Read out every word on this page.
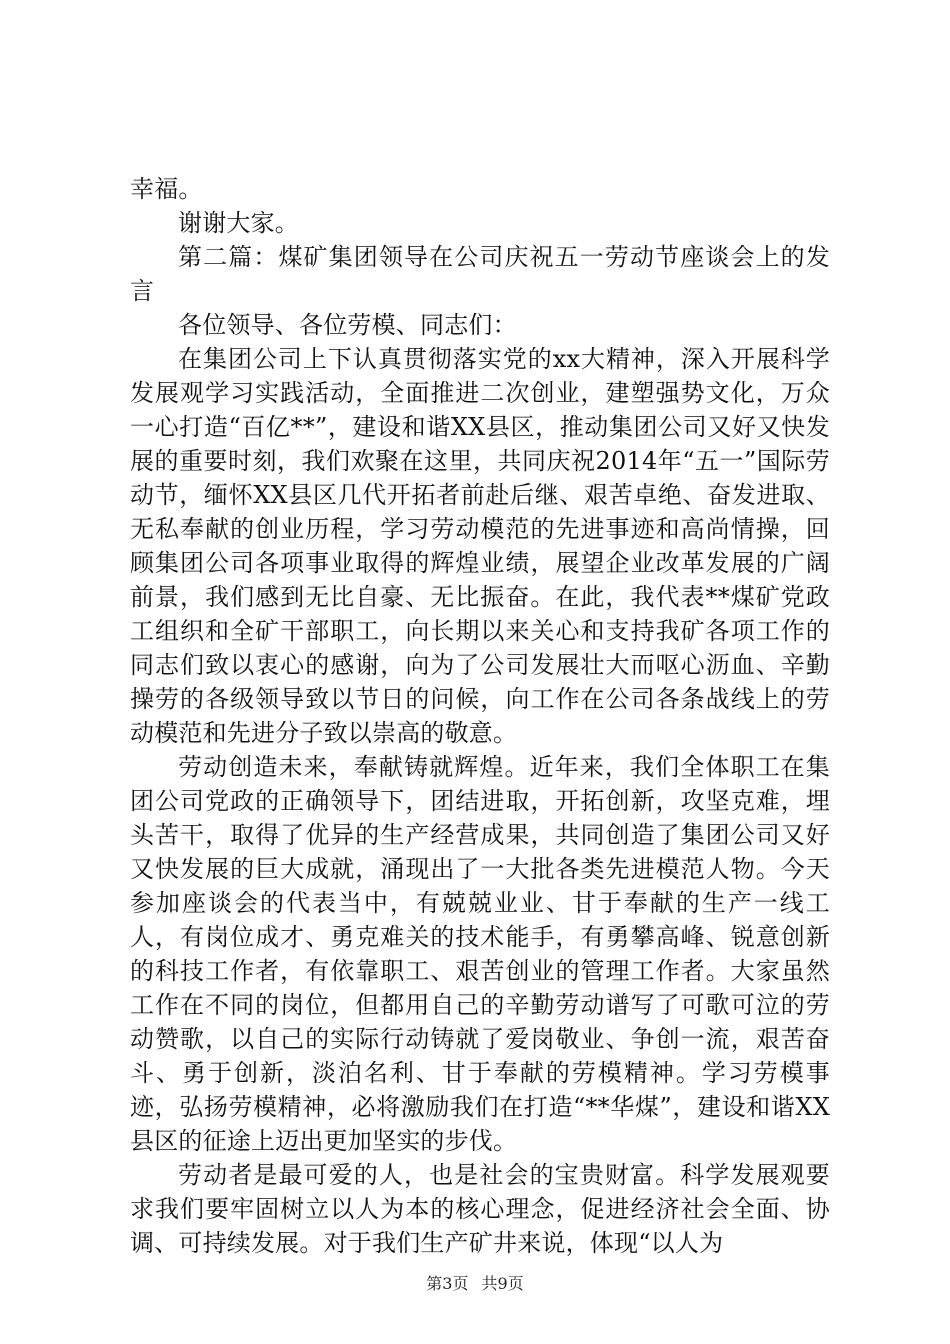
幸福。

谢谢大家。

第二篇：煤矿集团领导在公司庆祝五一劳动节座谈会上的发言

各位领导、各位劳模、同志们：

在集团公司上下认真贯彻落实党的xx大精神，深入开展科学发展观学习实践活动，全面推进二次创业，建塑强势文化，万众一心打造“百亿**”，建设和谐XX县区，推动集团公司又好又快发展的重要时刻，我们欢聚在这里，共同庆祝2014年“五一”国际劳动节，缅怀XX县区几代开拓者前赴后继、艰苦卓绝、奋发进取、无私奉献的创业历程，学习劳动模范的先进事迹和高尚情操，回顾集团公司各项事业取得的辉煌业绩，展望企业改革发展的广阔前景，我们感到无比自豪、无比振奋。在此，我代表**煤矿党政工组织和全矿干部职工，向长期以来关心和支持我矿各项工作的同志们致以衷心的感谢，向为了公司发展壮大而呕心沥血、辛勤操劳的各级领导致以节日的问候，向工作在公司各条战线上的劳动模范和先进分子致以崇高的敬意。

劳动创造未来，奉献铸就辉煌。近年来，我们全体职工在集团公司党政的正确领导下，团结进取，开拓创新，攻坚克难，埋头苦干，取得了优异的生产经营成果，共同创造了集团公司又好又快发展的巨大成就，涌现出了一大批各类先进模范人物。今天参加座谈会的代表当中，有兢兢业业、甘于奉献的生产一线工人，有岗位成才、勇克难关的技术能手，有勇攀高峰、锐意创新的科技工作者，有依靠职工、艰苦创业的管理工作者。大家虽然工作在不同的岗位，但都用自己的辛勤劳动谱写了可歌可泣的劳动赞歌，以自己的实际行动铸就了爱岗敬业、争创一流，艰苦奋斗、勇于创新，淡泊名利、甘于奉献的劳模精神。学习劳模事迹，弘扬劳模精神，必将激励我们在打造“**华煤”，建设和谐XX县区的征途上迈出更加坚实的步伐。

劳动者是最可爱的人，也是社会的宝贵财富。科学发展观要求我们要牢固树立以人为本的核心理念，促进经济社会全面、协调、可持续发展。对于我们生产矿井来说，体现“以人为

第3页 共9页
